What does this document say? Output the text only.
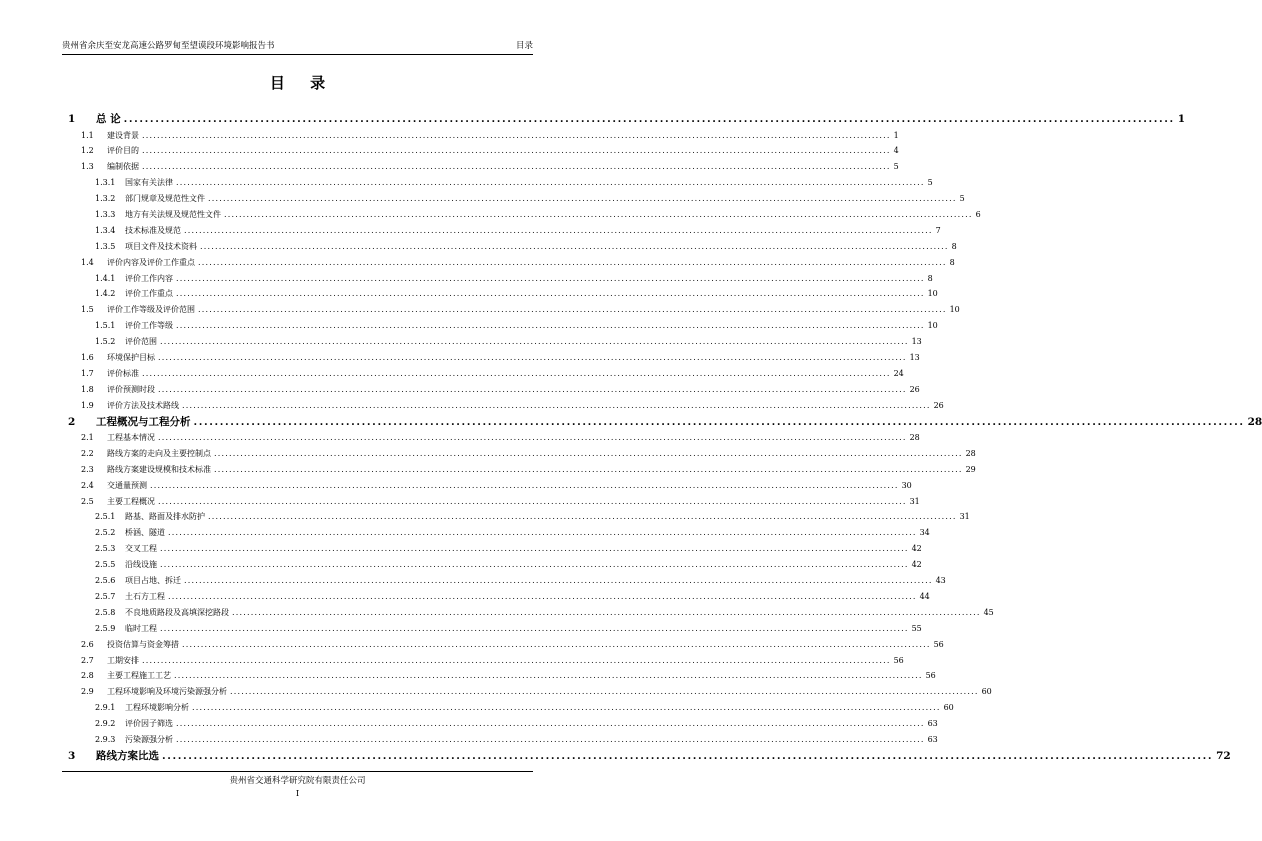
贵州省余庆至安龙高速公路罗甸至望谟段环境影响报告书	目录
目 录
1	总 论 ........................................................................................................................................................................................................ 1
1.1	建设背景 ........................................................................................................................................................................................................ 1
1.2	评价目的 ........................................................................................................................................................................................................ 4
1.3	编制依据 ........................................................................................................................................................................................................ 5
1.3.1	国家有关法律 ........................................................................................................................................................................................................ 5
1.3.2	部门规章及规范性文件 ........................................................................................................................................................................................................ 5
1.3.3	地方有关法规及规范性文件 ........................................................................................................................................................................................................ 6
1.3.4	技术标准及规范 ........................................................................................................................................................................................................ 7
1.3.5	项目文件及技术资料 ........................................................................................................................................................................................................ 8
1.4	评价内容及评价工作重点 ........................................................................................................................................................................................................ 8
1.4.1	评价工作内容 ........................................................................................................................................................................................................ 8
1.4.2	评价工作重点 ........................................................................................................................................................................................................ 10
1.5	评价工作等级及评价范围 ........................................................................................................................................................................................................ 10
1.5.1	评价工作等级 ........................................................................................................................................................................................................ 10
1.5.2	评价范围 ........................................................................................................................................................................................................ 13
1.6	环境保护目标 ........................................................................................................................................................................................................ 13
1.7	评价标准 ........................................................................................................................................................................................................ 24
1.8	评价预测时段 ........................................................................................................................................................................................................ 26
1.9	评价方法及技术路线 ........................................................................................................................................................................................................ 26
2	工程概况与工程分析 ........................................................................................................................................................................................................ 28
2.1	工程基本情况 ........................................................................................................................................................................................................ 28
2.2	路线方案的走向及主要控制点 ........................................................................................................................................................................................................ 28
2.3	路线方案建设规模和技术标准 ........................................................................................................................................................................................................ 29
2.4	交通量预测 ........................................................................................................................................................................................................ 30
2.5	主要工程概况 ........................................................................................................................................................................................................ 31
2.5.1	路基、路面及排水防护 ........................................................................................................................................................................................................ 31
2.5.2	桥涵、隧道 ........................................................................................................................................................................................................ 34
2.5.3	交叉工程 ........................................................................................................................................................................................................ 42
2.5.5	沿线设施 ........................................................................................................................................................................................................ 42
2.5.6	项目占地、拆迁 ........................................................................................................................................................................................................ 43
2.5.7	土石方工程 ........................................................................................................................................................................................................ 44
2.5.8	不良地质路段及高填深挖路段 ........................................................................................................................................................................................................ 45
2.5.9	临时工程 ........................................................................................................................................................................................................ 55
2.6	投资估算与资金筹措 ........................................................................................................................................................................................................ 56
2.7	工期安排 ........................................................................................................................................................................................................ 56
2.8	主要工程施工工艺 ........................................................................................................................................................................................................ 56
2.9	工程环境影响及环境污染源强分析 ........................................................................................................................................................................................................ 60
2.9.1	工程环境影响分析 ........................................................................................................................................................................................................ 60
2.9.2	评价因子筛选 ........................................................................................................................................................................................................ 63
2.9.3	污染源强分析 ........................................................................................................................................................................................................ 63
3	路线方案比选 ........................................................................................................................................................................................................ 72
贵州省交通科学研究院有限责任公司
I
